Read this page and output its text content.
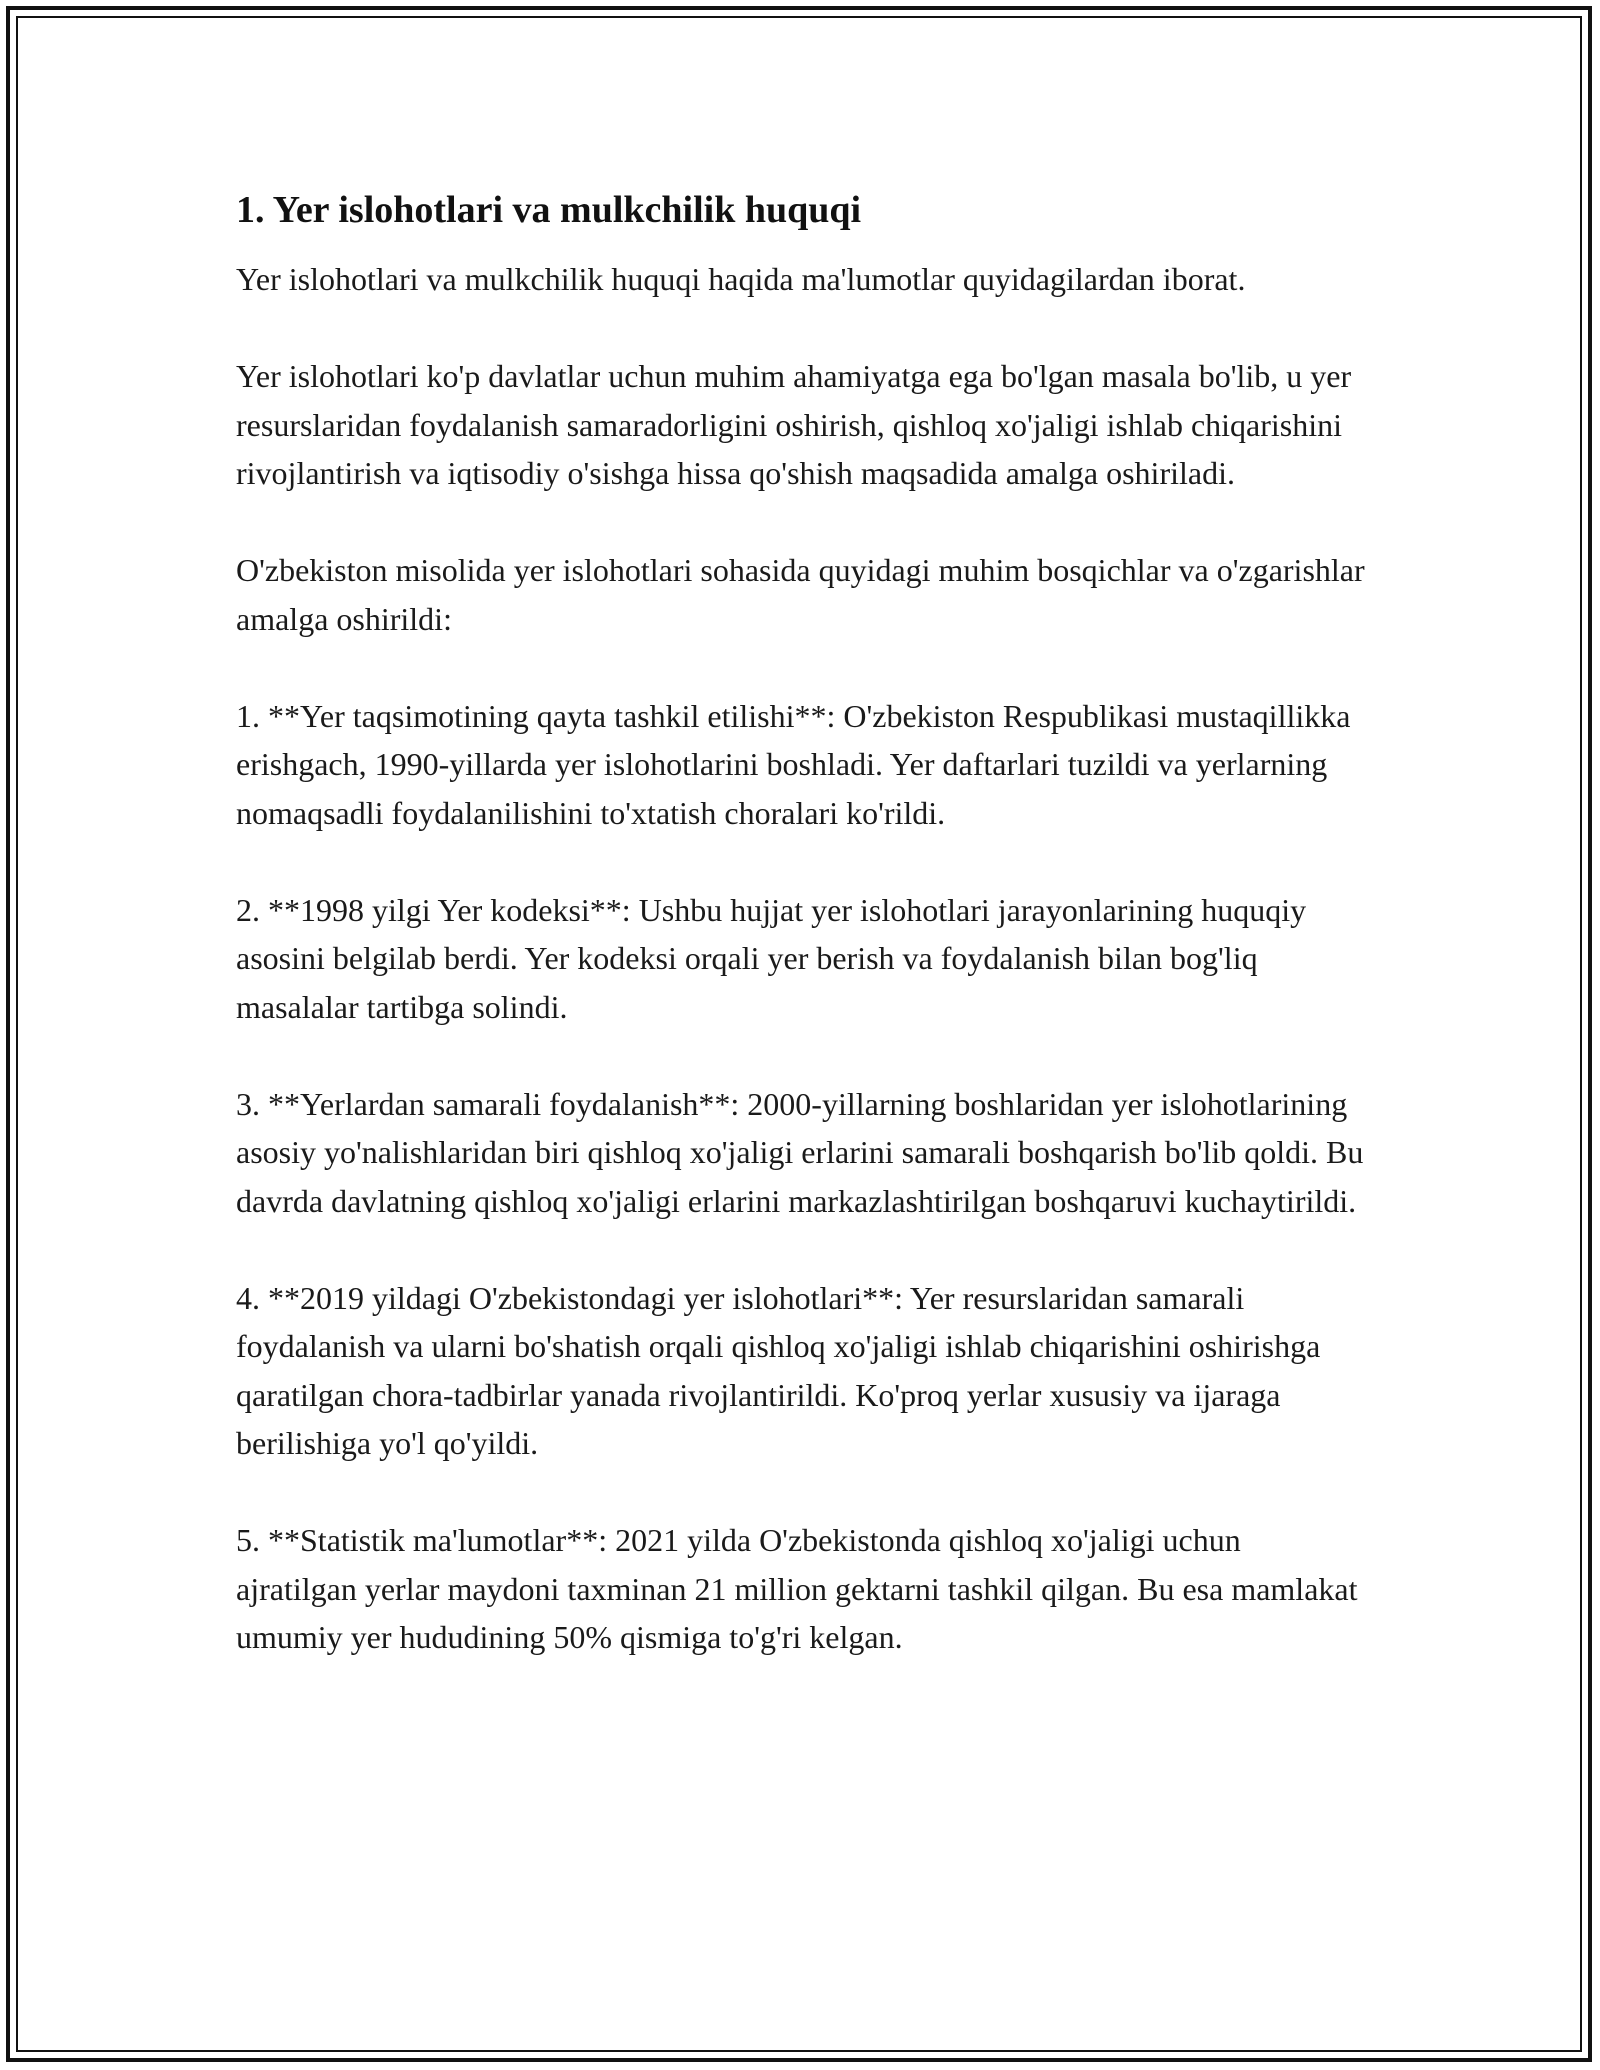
1. Yer islohotlari va mulkchilik huquqi

Yer islohotlari va mulkchilik huquqi haqida ma'lumotlar quyidagilardan iborat.

Yer islohotlari ko'p davlatlar uchun muhim ahamiyatga ega bo'lgan masala bo'lib, u yer resurslaridan foydalanish samaradorligini oshirish, qishloq xo'jaligi ishlab chiqarishini rivojlantirish va iqtisodiy o'sishga hissa qo'shish maqsadida amalga oshiriladi.

O'zbekiston misolida yer islohotlari sohasida quyidagi muhim bosqichlar va o'zgarishlar amalga oshirildi:

1. **Yer taqsimotining qayta tashkil etilishi**: O'zbekiston Respublikasi mustaqillikka erishgach, 1990-yillarda yer islohotlarini boshladi. Yer daftarlari tuzildi va yerlarning nomaqsadli foydalanilishini to'xtatish choralari ko'rildi.

2. **1998 yilgi Yer kodeksi**: Ushbu hujjat yer islohotlari jarayonlarining huquqiy asosini belgilab berdi. Yer kodeksi orqali yer berish va foydalanish bilan bog'liq masalalar tartibga solindi.

3. **Yerlardan samarali foydalanish**: 2000-yillarning boshlaridan yer islohotlarining asosiy yo'nalishlaridan biri qishloq xo'jaligi erlarini samarali boshqarish bo'lib qoldi. Bu davrda davlatning qishloq xo'jaligi erlarini markazlashtirilgan boshqaruvi kuchaytirildi.

4. **2019 yildagi O'zbekistondagi yer islohotlari**: Yer resurslaridan samarali foydalanish va ularni bo'shatish orqali qishloq xo'jaligi ishlab chiqarishini oshirishga qaratilgan chora-tadbirlar yanada rivojlantirildi. Ko'proq yerlar xususiy va ijaraga berilishiga yo'l qo'yildi.

5. **Statistik ma'lumotlar**: 2021 yilda O'zbekistonda qishloq xo'jaligi uchun ajratilgan yerlar maydoni taxminan 21 million gektarni tashkil qilgan. Bu esa mamlakat umumiy yer hududining 50% qismiga to'g'ri kelgan.
